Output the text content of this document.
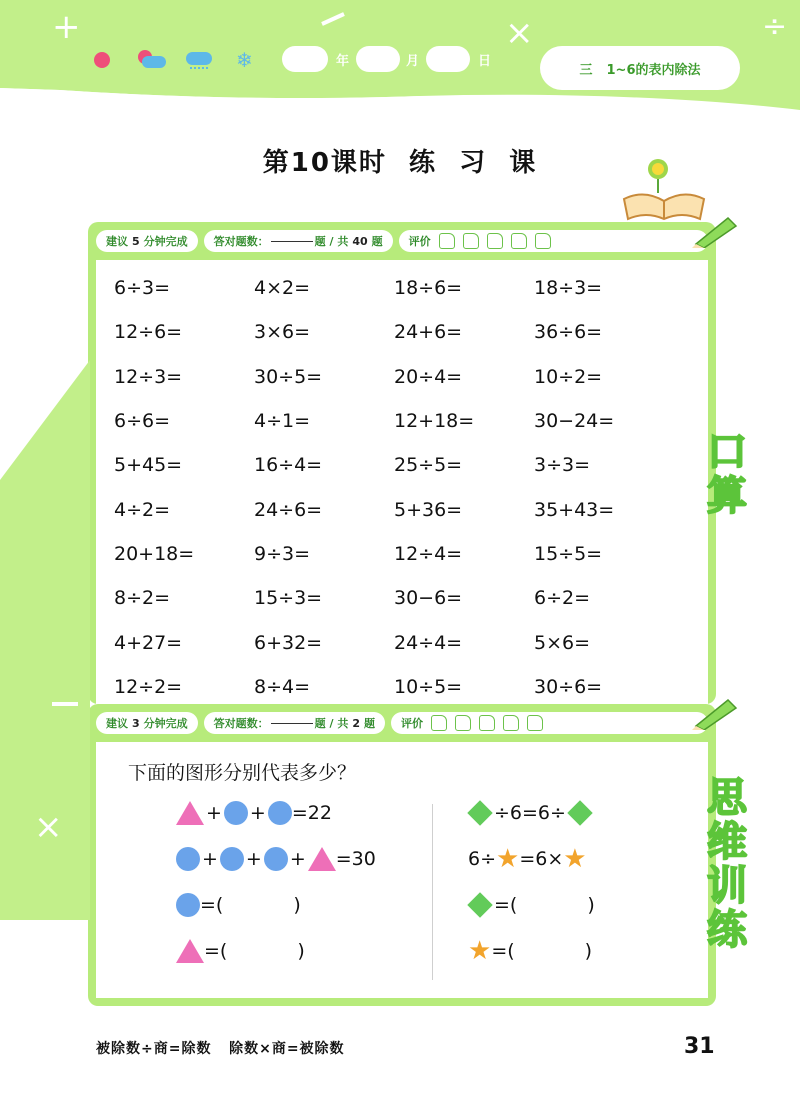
+	×	÷
❄	年	月	日
三 1~6的表内除法
第10课时  练  习  课
建议 5 分钟完成 答对题数：	题 / 共 40 题 评价
6÷3=	4×2=	18÷6=	18÷3=
12÷6=	3×6=	24+6=	36÷6=
12÷3=	30÷5=	20÷4=	10÷2=
6÷6=	4÷1=	12+18=	30−24=
5+45=	16÷4=	25÷5=	3÷3=
4÷2=	24÷6=	5+36=	35+43=
20+18=	9÷3=	12÷4=	15÷5=
8÷2=	15÷3=	30−6=	6÷2=
4+27=	6+32=	24÷4=	5×6=
12÷2=	8÷4=	10÷5=	30÷6=
口算
建议 3 分钟完成 答对题数：	题 / 共 2 题 评价
下面的图形分别代表多少？
+ + =22
+ + + =30
=(	)
=(	)
÷6=6÷
6÷ ★ =6× ★
=(	)
★ =(	)
思维训练
×
被除数÷商=除数   除数×商=被除数	31
